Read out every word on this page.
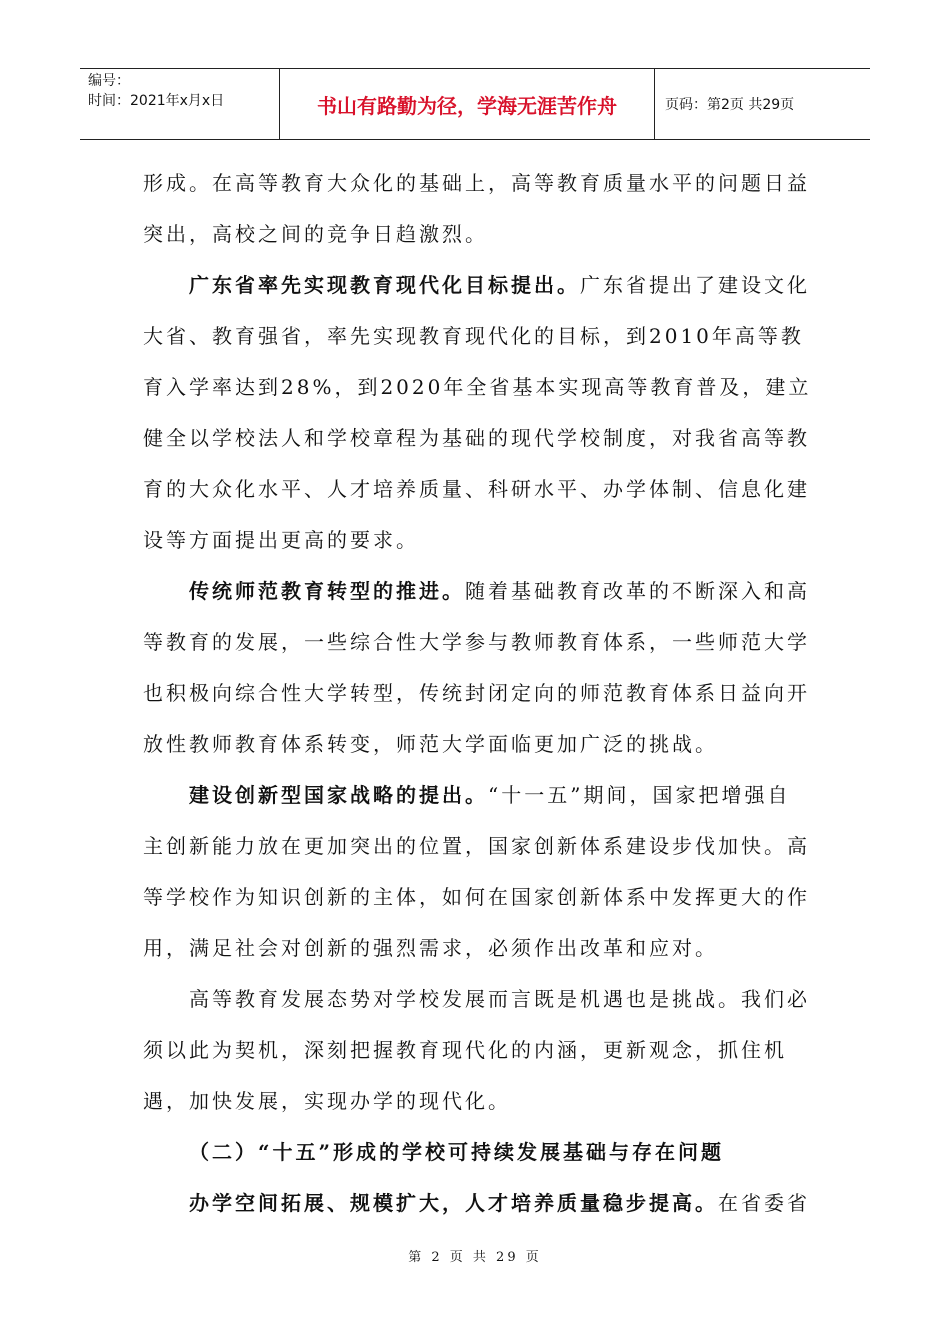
编号：
时间：2021年x月x日	书山有路勤为径，学海无涯苦作舟	页码：第2页 共29页

形成。在高等教育大众化的基础上，高等教育质量水平的问题日益突出，高校之间的竞争日趋激烈。

广东省率先实现教育现代化目标提出。广东省提出了建设文化大省、教育强省，率先实现教育现代化的目标，到2010年高等教育入学率达到28%，到2020年全省基本实现高等教育普及，建立健全以学校法人和学校章程为基础的现代学校制度，对我省高等教育的大众化水平、人才培养质量、科研水平、办学体制、信息化建设等方面提出更高的要求。

传统师范教育转型的推进。随着基础教育改革的不断深入和高等教育的发展，一些综合性大学参与教师教育体系，一些师范大学也积极向综合性大学转型，传统封闭定向的师范教育体系日益向开放性教师教育体系转变，师范大学面临更加广泛的挑战。

建设创新型国家战略的提出。“十一五”期间，国家把增强自主创新能力放在更加突出的位置，国家创新体系建设步伐加快。高等学校作为知识创新的主体，如何在国家创新体系中发挥更大的作用，满足社会对创新的强烈需求，必须作出改革和应对。

高等教育发展态势对学校发展而言既是机遇也是挑战。我们必须以此为契机，深刻把握教育现代化的内涵，更新观念，抓住机遇，加快发展，实现办学的现代化。

（二）“十五”形成的学校可持续发展基础与存在问题

办学空间拓展、规模扩大，人才培养质量稳步提高。在省委省

第 2 页 共 29 页
